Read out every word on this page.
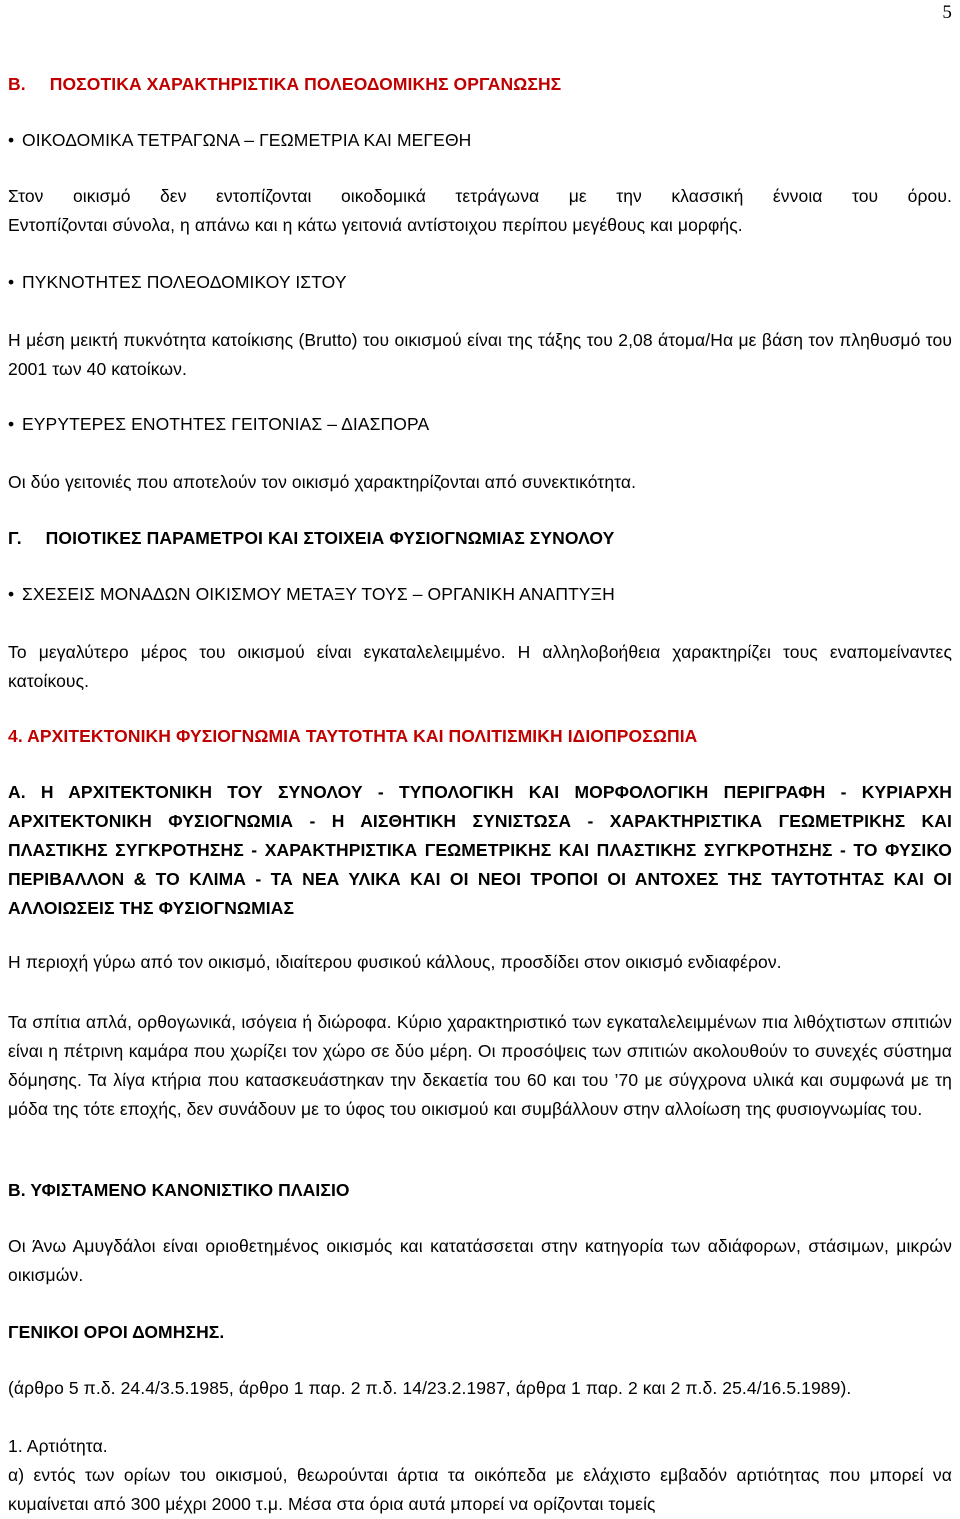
5
Β. ΠΟΣΟΤΙΚΑ ΧΑΡΑΚΤΗΡΙΣΤΙΚΑ ΠΟΛΕΟΔΟΜΙΚΗΣ ΟΡΓΑΝΩΣΗΣ
• ΟΙΚΟΔΟΜΙΚΑ ΤΕΤΡΑΓΩΝΑ – ΓΕΩΜΕΤΡΙΑ ΚΑΙ ΜΕΓΕΘΗ
Στον οικισμό δεν εντοπίζονται οικοδομικά τετράγωνα με την κλασσική έννοια του όρου.
Εντοπίζονται σύνολα, η απάνω και η κάτω γειτονιά αντίστοιχου περίπου μεγέθους και μορφής.
• ΠΥΚΝΟΤΗΤΕΣ ΠΟΛΕΟΔΟΜΙΚΟΥ ΙΣΤΟΥ
Η μέση μεικτή πυκνότητα κατοίκισης (Brutto) του οικισμού είναι της τάξης του 2,08 άτομα/Ηα με βάση τον πληθυσμό του 2001 των 40 κατοίκων.
• ΕΥΡΥΤΕΡΕΣ ΕΝΟΤΗΤΕΣ ΓΕΙΤΟΝΙΑΣ – ΔΙΑΣΠΟΡΑ
Οι δύο γειτονιές που αποτελούν τον οικισμό χαρακτηρίζονται από συνεκτικότητα.
Γ. ΠΟΙΟΤΙΚΕΣ ΠΑΡΑΜΕΤΡΟΙ ΚΑΙ ΣΤΟΙΧΕΙΑ ΦΥΣΙΟΓΝΩΜΙΑΣ ΣΥΝΟΛΟΥ
• ΣΧΕΣΕΙΣ ΜΟΝΑΔΩΝ ΟΙΚΙΣΜΟΥ ΜΕΤΑΞΥ ΤΟΥΣ – ΟΡΓΑΝΙΚΗ ΑΝΑΠΤΥΞΗ
Το μεγαλύτερο μέρος του οικισμού είναι εγκαταλελειμμένο. Η αλληλοβοήθεια χαρακτηρίζει τους εναπομείναντες κατοίκους.
4. ΑΡΧΙΤΕΚΤΟΝΙΚΗ ΦΥΣΙΟΓΝΩΜΙΑ ΤΑΥΤΟΤΗΤΑ ΚΑΙ ΠΟΛΙΤΙΣΜΙΚΗ ΙΔΙΟΠΡΟΣΩΠΙΑ
Α. Η ΑΡΧΙΤΕΚΤΟΝΙΚΗ ΤΟΥ ΣΥΝΟΛΟΥ - ΤΥΠΟΛΟΓΙΚΗ ΚΑΙ ΜΟΡΦΟΛΟΓΙΚΗ ΠΕΡΙΓΡΑΦΗ - ΚΥΡΙΑΡΧΗ ΑΡΧΙΤΕΚΤΟΝΙΚΗ ΦΥΣΙΟΓΝΩΜΙΑ - Η ΑΙΣΘΗΤΙΚΗ ΣΥΝΙΣΤΩΣΑ - ΧΑΡΑΚΤΗΡΙΣΤΙΚΑ ΓΕΩΜΕΤΡΙΚΗΣ ΚΑΙ ΠΛΑΣΤΙΚΗΣ ΣΥΓΚΡΟΤΗΣΗΣ - ΧΑΡΑΚΤΗΡΙΣΤΙΚΑ ΓΕΩΜΕΤΡΙΚΗΣ ΚΑΙ ΠΛΑΣΤΙΚΗΣ ΣΥΓΚΡΟΤΗΣΗΣ - ΤΟ ΦΥΣΙΚΟ ΠΕΡΙΒΑΛΛΟΝ & ΤΟ ΚΛΙΜΑ - ΤΑ ΝΕΑ ΥΛΙΚΑ ΚΑΙ ΟΙ ΝΕΟΙ ΤΡΟΠΟΙ ΟΙ ΑΝΤΟΧΕΣ ΤΗΣ ΤΑΥΤΟΤΗΤΑΣ ΚΑΙ ΟΙ ΑΛΛΟΙΩΣΕΙΣ ΤΗΣ ΦΥΣΙΟΓΝΩΜΙΑΣ
Η περιοχή γύρω από τον οικισμό, ιδιαίτερου φυσικού κάλλους, προσδίδει στον οικισμό ενδιαφέρον.
Τα σπίτια απλά, ορθογωνικά, ισόγεια ή διώροφα. Κύριο χαρακτηριστικό των εγκαταλελειμμένων πια λιθόχτιστων σπιτιών είναι η πέτρινη καμάρα που χωρίζει τον χώρο σε δύο μέρη. Οι προσόψεις των σπιτιών ακολουθούν το συνεχές σύστημα δόμησης. Τα λίγα κτήρια που κατασκευάστηκαν την δεκαετία του 60 και του ’70 με σύγχρονα υλικά και συμφωνά με τη μόδα της τότε εποχής, δεν συνάδουν με το ύφος του οικισμού και συμβάλλουν στην αλλοίωση της φυσιογνωμίας του.
Β. ΥΦΙΣΤΑΜΕΝΟ ΚΑΝΟΝΙΣΤΙΚΟ ΠΛΑΙΣΙΟ
Οι Άνω Αμυγδάλοι είναι οριοθετημένος οικισμός και κατατάσσεται στην κατηγορία των αδιάφορων, στάσιμων, μικρών οικισμών.
ΓΕΝΙΚΟΙ ΟΡΟΙ ΔΟΜΗΣΗΣ.
(άρθρο 5 π.δ. 24.4/3.5.1985, άρθρο 1 παρ. 2 π.δ. 14/23.2.1987, άρθρα 1 παρ. 2 και 2 π.δ. 25.4/16.5.1989).
1. Αρτιότητα.
α) εντός των ορίων του οικισμού, θεωρούνται άρτια τα οικόπεδα με ελάχιστο εμβαδόν αρτιότητας που μπορεί να κυμαίνεται από 300 μέχρι 2000 τ.μ. Μέσα στα όρια αυτά μπορεί να ορίζονται τομείς
